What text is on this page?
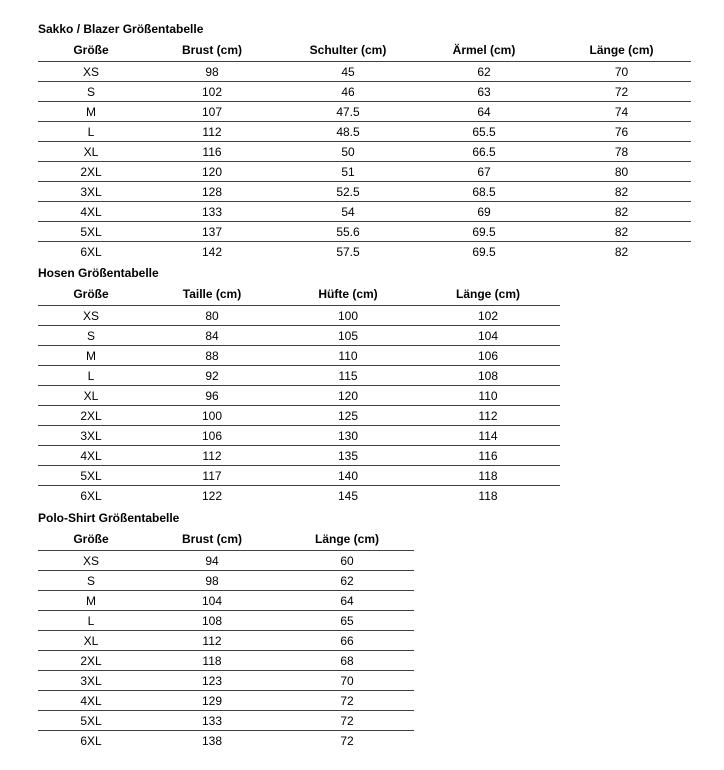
Sakko / Blazer Größentabelle
Größe	Brust (cm)	Schulter (cm)	Ärmel (cm)	Länge (cm)
XS	98	45	62	70
S	102	46	63	72
M	107	47.5	64	74
L	112	48.5	65.5	76
XL	116	50	66.5	78
2XL	120	51	67	80
3XL	128	52.5	68.5	82
4XL	133	54	69	82
5XL	137	55.6	69.5	82
6XL	142	57.5	69.5	82
Hosen Größentabelle
Größe	Taille (cm)	Hüfte (cm)	Länge (cm)
XS	80	100	102
S	84	105	104
M	88	110	106
L	92	115	108
XL	96	120	110
2XL	100	125	112
3XL	106	130	114
4XL	112	135	116
5XL	117	140	118
6XL	122	145	118
Polo-Shirt Größentabelle
Größe	Brust (cm)	Länge (cm)
XS	94	60
S	98	62
M	104	64
L	108	65
XL	112	66
2XL	118	68
3XL	123	70
4XL	129	72
5XL	133	72
6XL	138	72
